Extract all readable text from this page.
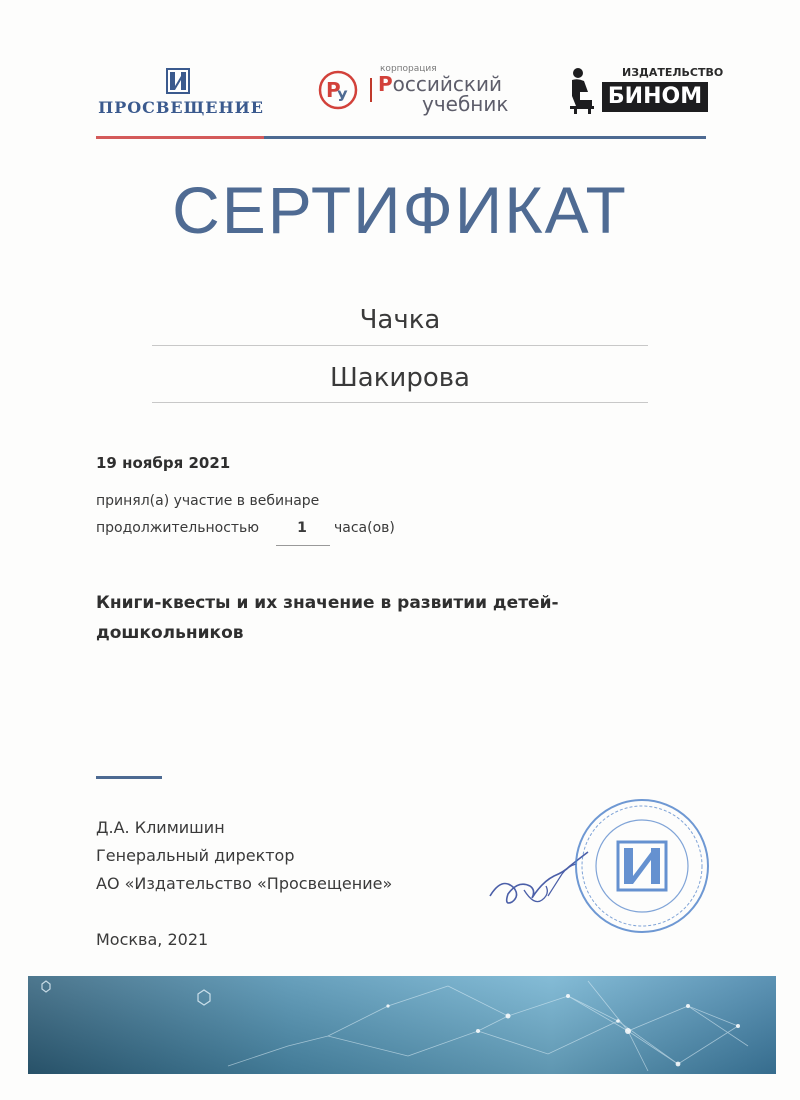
ПРОСВЕЩЕНИЕ
Р
У
корпорация
Российский
учебник
ИЗДАТЕЛЬСТВО
БИНОМ
СЕРТИФИКАТ
Чачка
Шакирова
19 ноября 2021
принял(а) участие в вебинаре
продолжительностью	1	часа(ов)
Книги-квесты и их значение в развитии детей-дошкольников
Д.А. Климишин
Генеральный директор
АО «Издательство «Просвещение»
Москва, 2021
